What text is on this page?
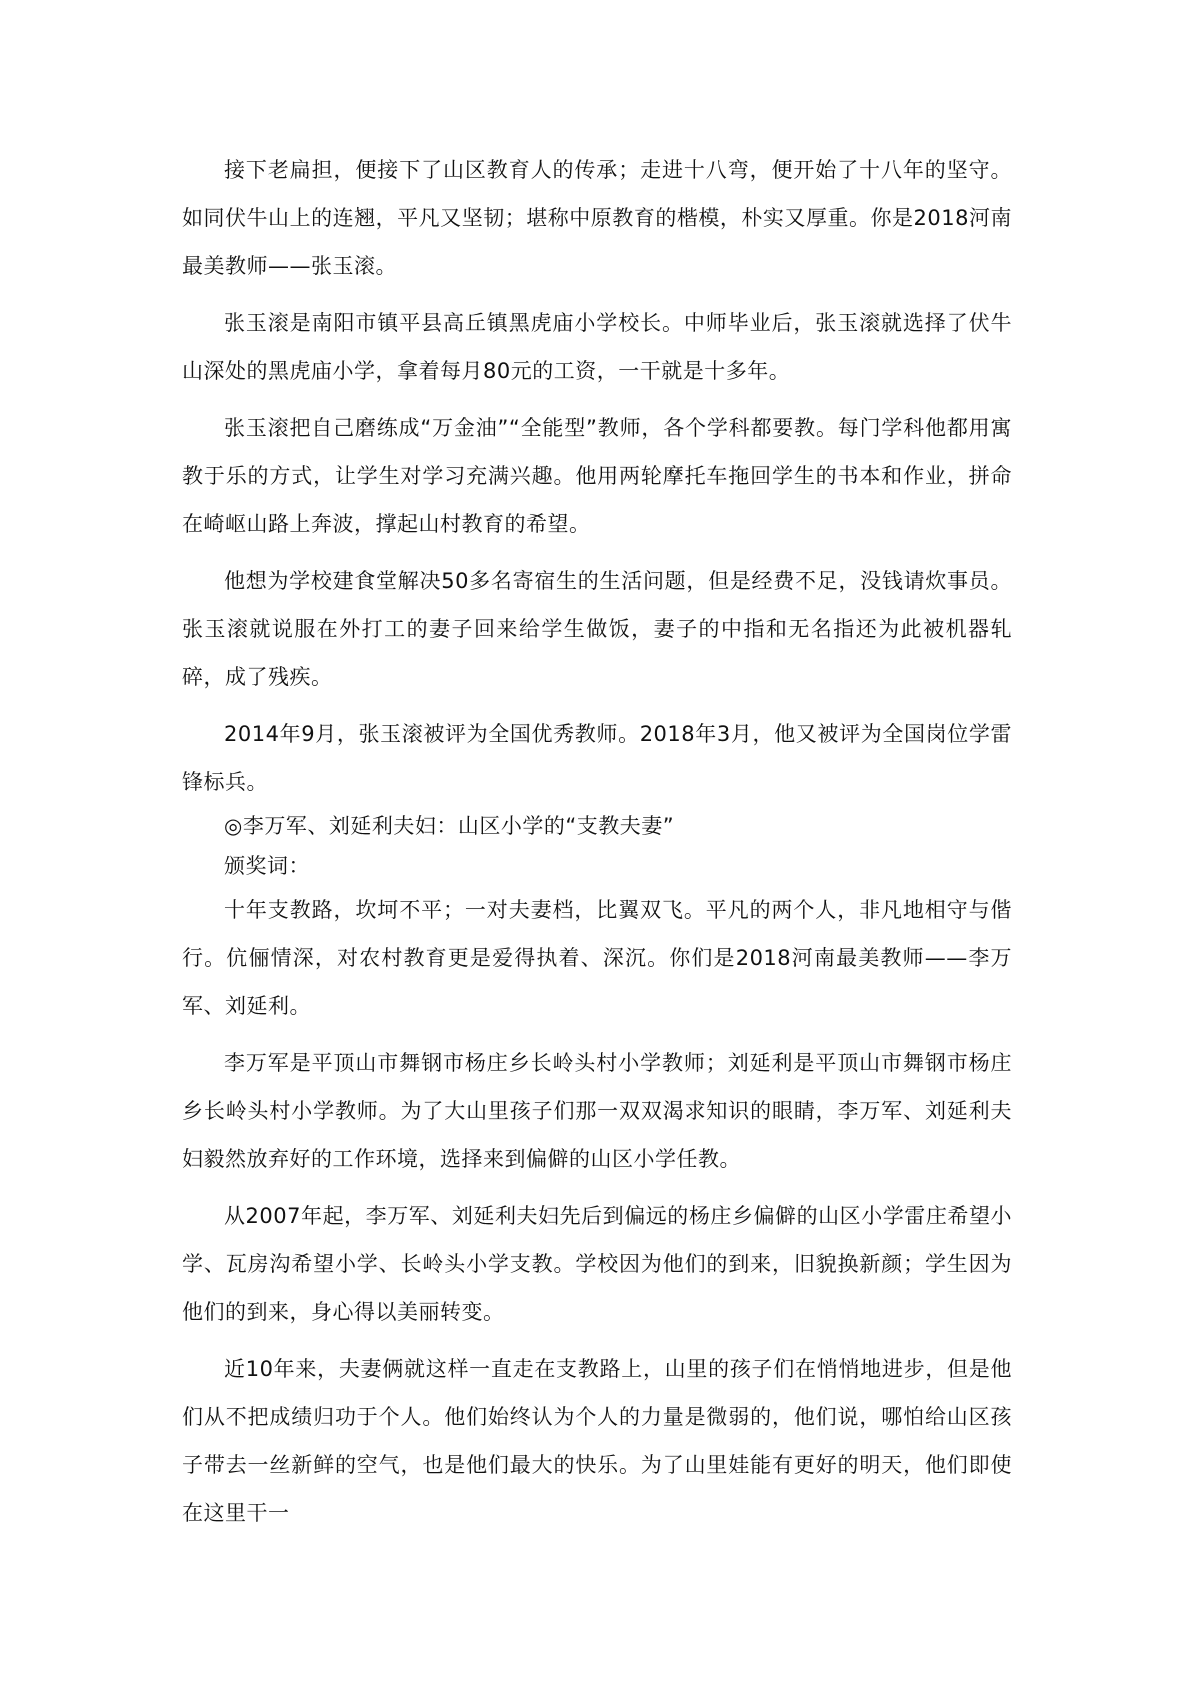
接下老扁担，便接下了山区教育人的传承；走进十八弯，便开始了十八年的坚守。如同伏牛山上的连翘，平凡又坚韧；堪称中原教育的楷模，朴实又厚重。你是2018河南最美教师——张玉滚。

张玉滚是南阳市镇平县高丘镇黑虎庙小学校长。中师毕业后，张玉滚就选择了伏牛山深处的黑虎庙小学，拿着每月80元的工资，一干就是十多年。

张玉滚把自己磨练成“万金油”“全能型”教师，各个学科都要教。每门学科他都用寓教于乐的方式，让学生对学习充满兴趣。他用两轮摩托车拖回学生的书本和作业，拼命在崎岖山路上奔波，撑起山村教育的希望。

他想为学校建食堂解决50多名寄宿生的生活问题，但是经费不足，没钱请炊事员。张玉滚就说服在外打工的妻子回来给学生做饭，妻子的中指和无名指还为此被机器轧碎，成了残疾。

2014年9月，张玉滚被评为全国优秀教师。2018年3月，他又被评为全国岗位学雷锋标兵。

◎李万军、刘延利夫妇：山区小学的“支教夫妻”

颁奖词：

十年支教路，坎坷不平；一对夫妻档，比翼双飞。平凡的两个人，非凡地相守与偕行。伉俪情深，对农村教育更是爱得执着、深沉。你们是2018河南最美教师——李万军、刘延利。

李万军是平顶山市舞钢市杨庄乡长岭头村小学教师；刘延利是平顶山市舞钢市杨庄乡长岭头村小学教师。为了大山里孩子们那一双双渴求知识的眼睛，李万军、刘延利夫妇毅然放弃好的工作环境，选择来到偏僻的山区小学任教。

从2007年起，李万军、刘延利夫妇先后到偏远的杨庄乡偏僻的山区小学雷庄希望小学、瓦房沟希望小学、长岭头小学支教。学校因为他们的到来，旧貌换新颜；学生因为他们的到来，身心得以美丽转变。

近10年来，夫妻俩就这样一直走在支教路上，山里的孩子们在悄悄地进步，但是他们从不把成绩归功于个人。他们始终认为个人的力量是微弱的，他们说，哪怕给山区孩子带去一丝新鲜的空气，也是他们最大的快乐。为了山里娃能有更好的明天，他们即使在这里干一
